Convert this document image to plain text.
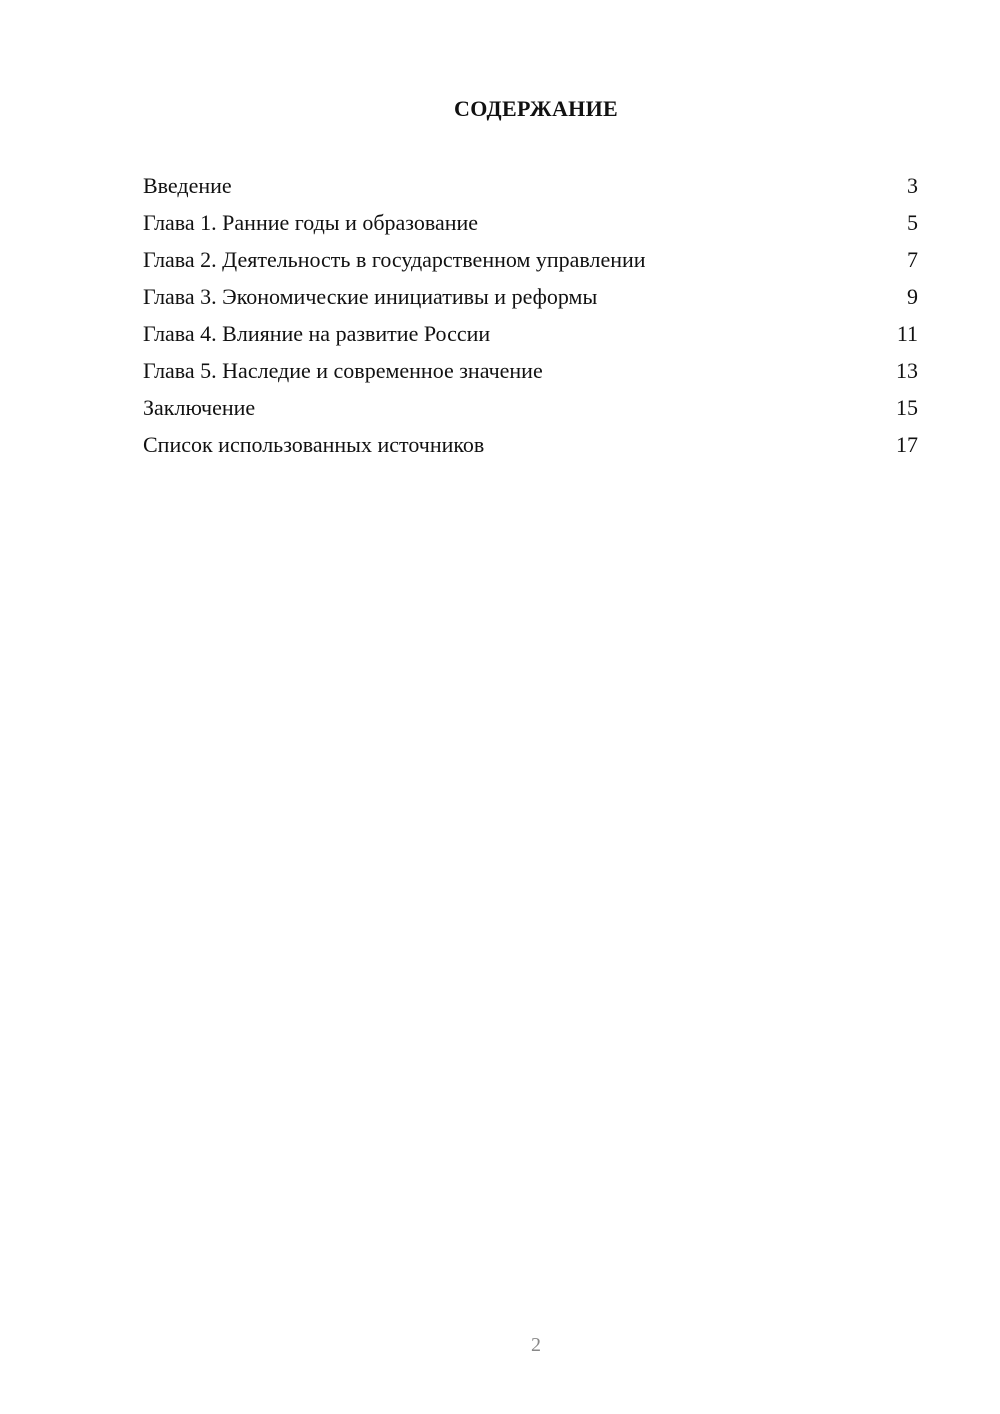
СОДЕРЖАНИЕ
Введение	3
Глава 1. Ранние годы и образование	5
Глава 2. Деятельность в государственном управлении	7
Глава 3. Экономические инициативы и реформы	9
Глава 4. Влияние на развитие России	11
Глава 5. Наследие и современное значение	13
Заключение	15
Список использованных источников	17
2
